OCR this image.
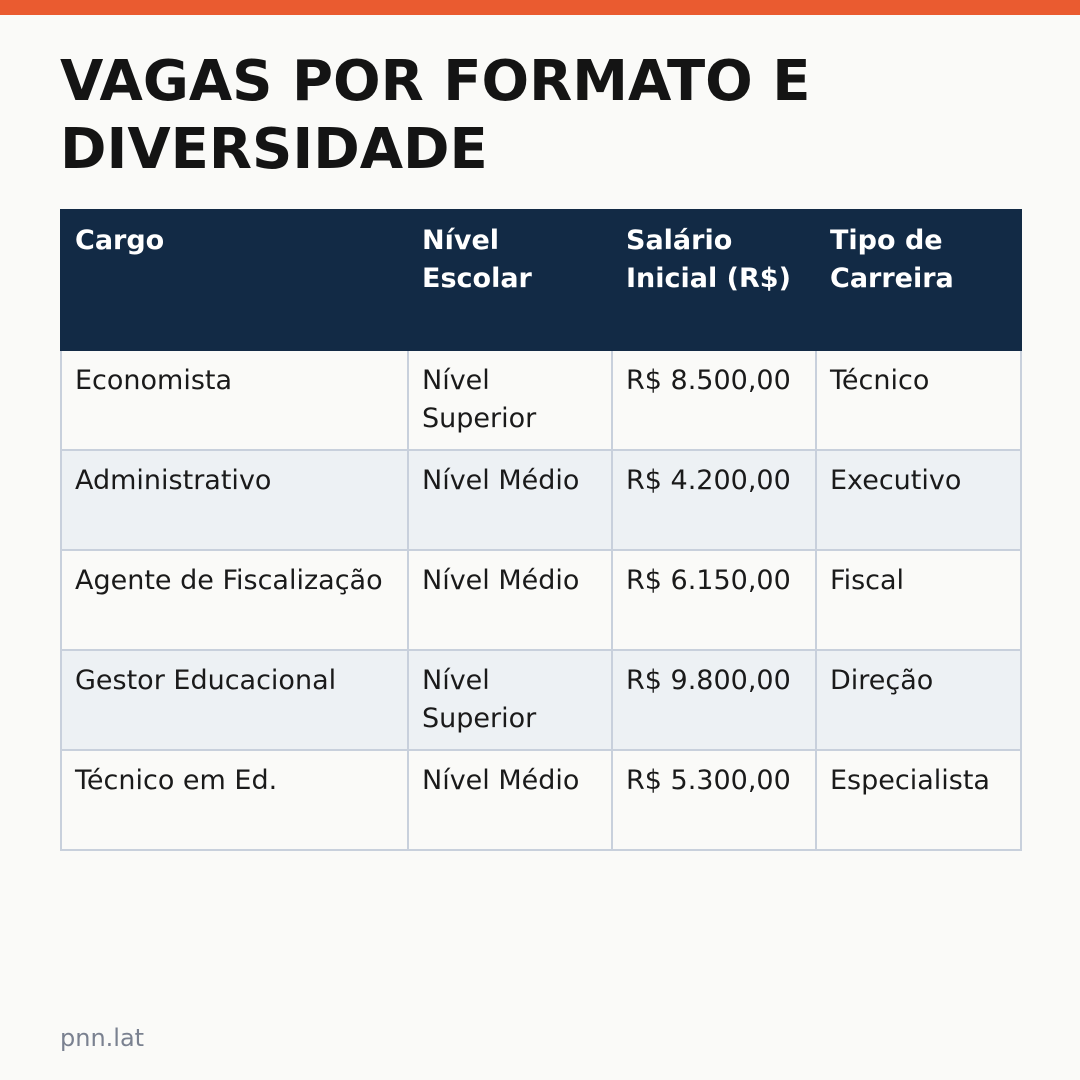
VAGAS POR FORMATO E DIVERSIDADE
Cargo	Nível Escolar	Salário Inicial (R$)	Tipo de Carreira
Economista	Nível Superior	R$ 8.500,00	Técnico
Administrativo	Nível Médio	R$ 4.200,00	Executivo
Agente de Fiscalização	Nível Médio	R$ 6.150,00	Fiscal
Gestor Educacional	Nível Superior	R$ 9.800,00	Direção
Técnico em Ed.	Nível Médio	R$ 5.300,00	Especialista
pnn.lat
